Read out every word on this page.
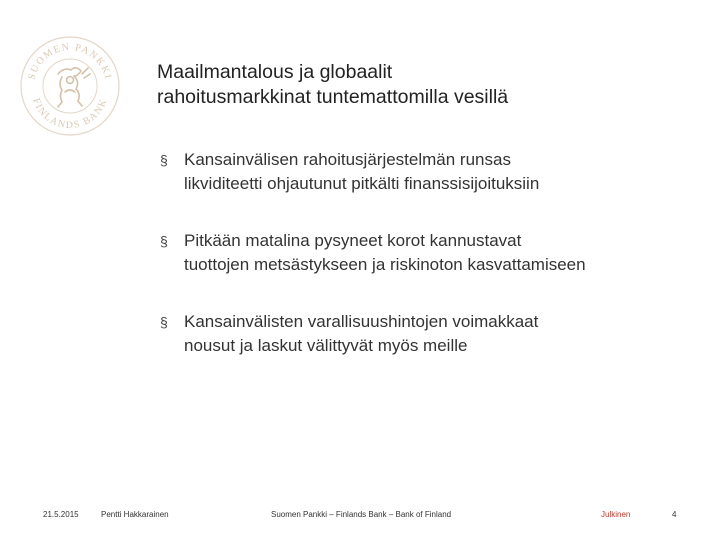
SUOMEN PANKKI
FINLANDS BANK
Maailmantalous ja globaalit
rahoitusmarkkinat tuntemattomilla vesillä
§ Kansainvälisen rahoitusjärjestelmän runsas
likviditeetti ohjautunut pitkälti finanssisijoituksiin
§ Pitkään matalina pysyneet korot kannustavat
tuottojen metsästykseen ja riskinoton kasvattamiseen
§ Kansainvälisten varallisuushintojen voimakkaat
nousut ja laskut välittyvät myös meille
21.5.2015	Pentti Hakkarainen	Suomen Pankki – Finlands Bank – Bank of Finland	Julkinen	4
